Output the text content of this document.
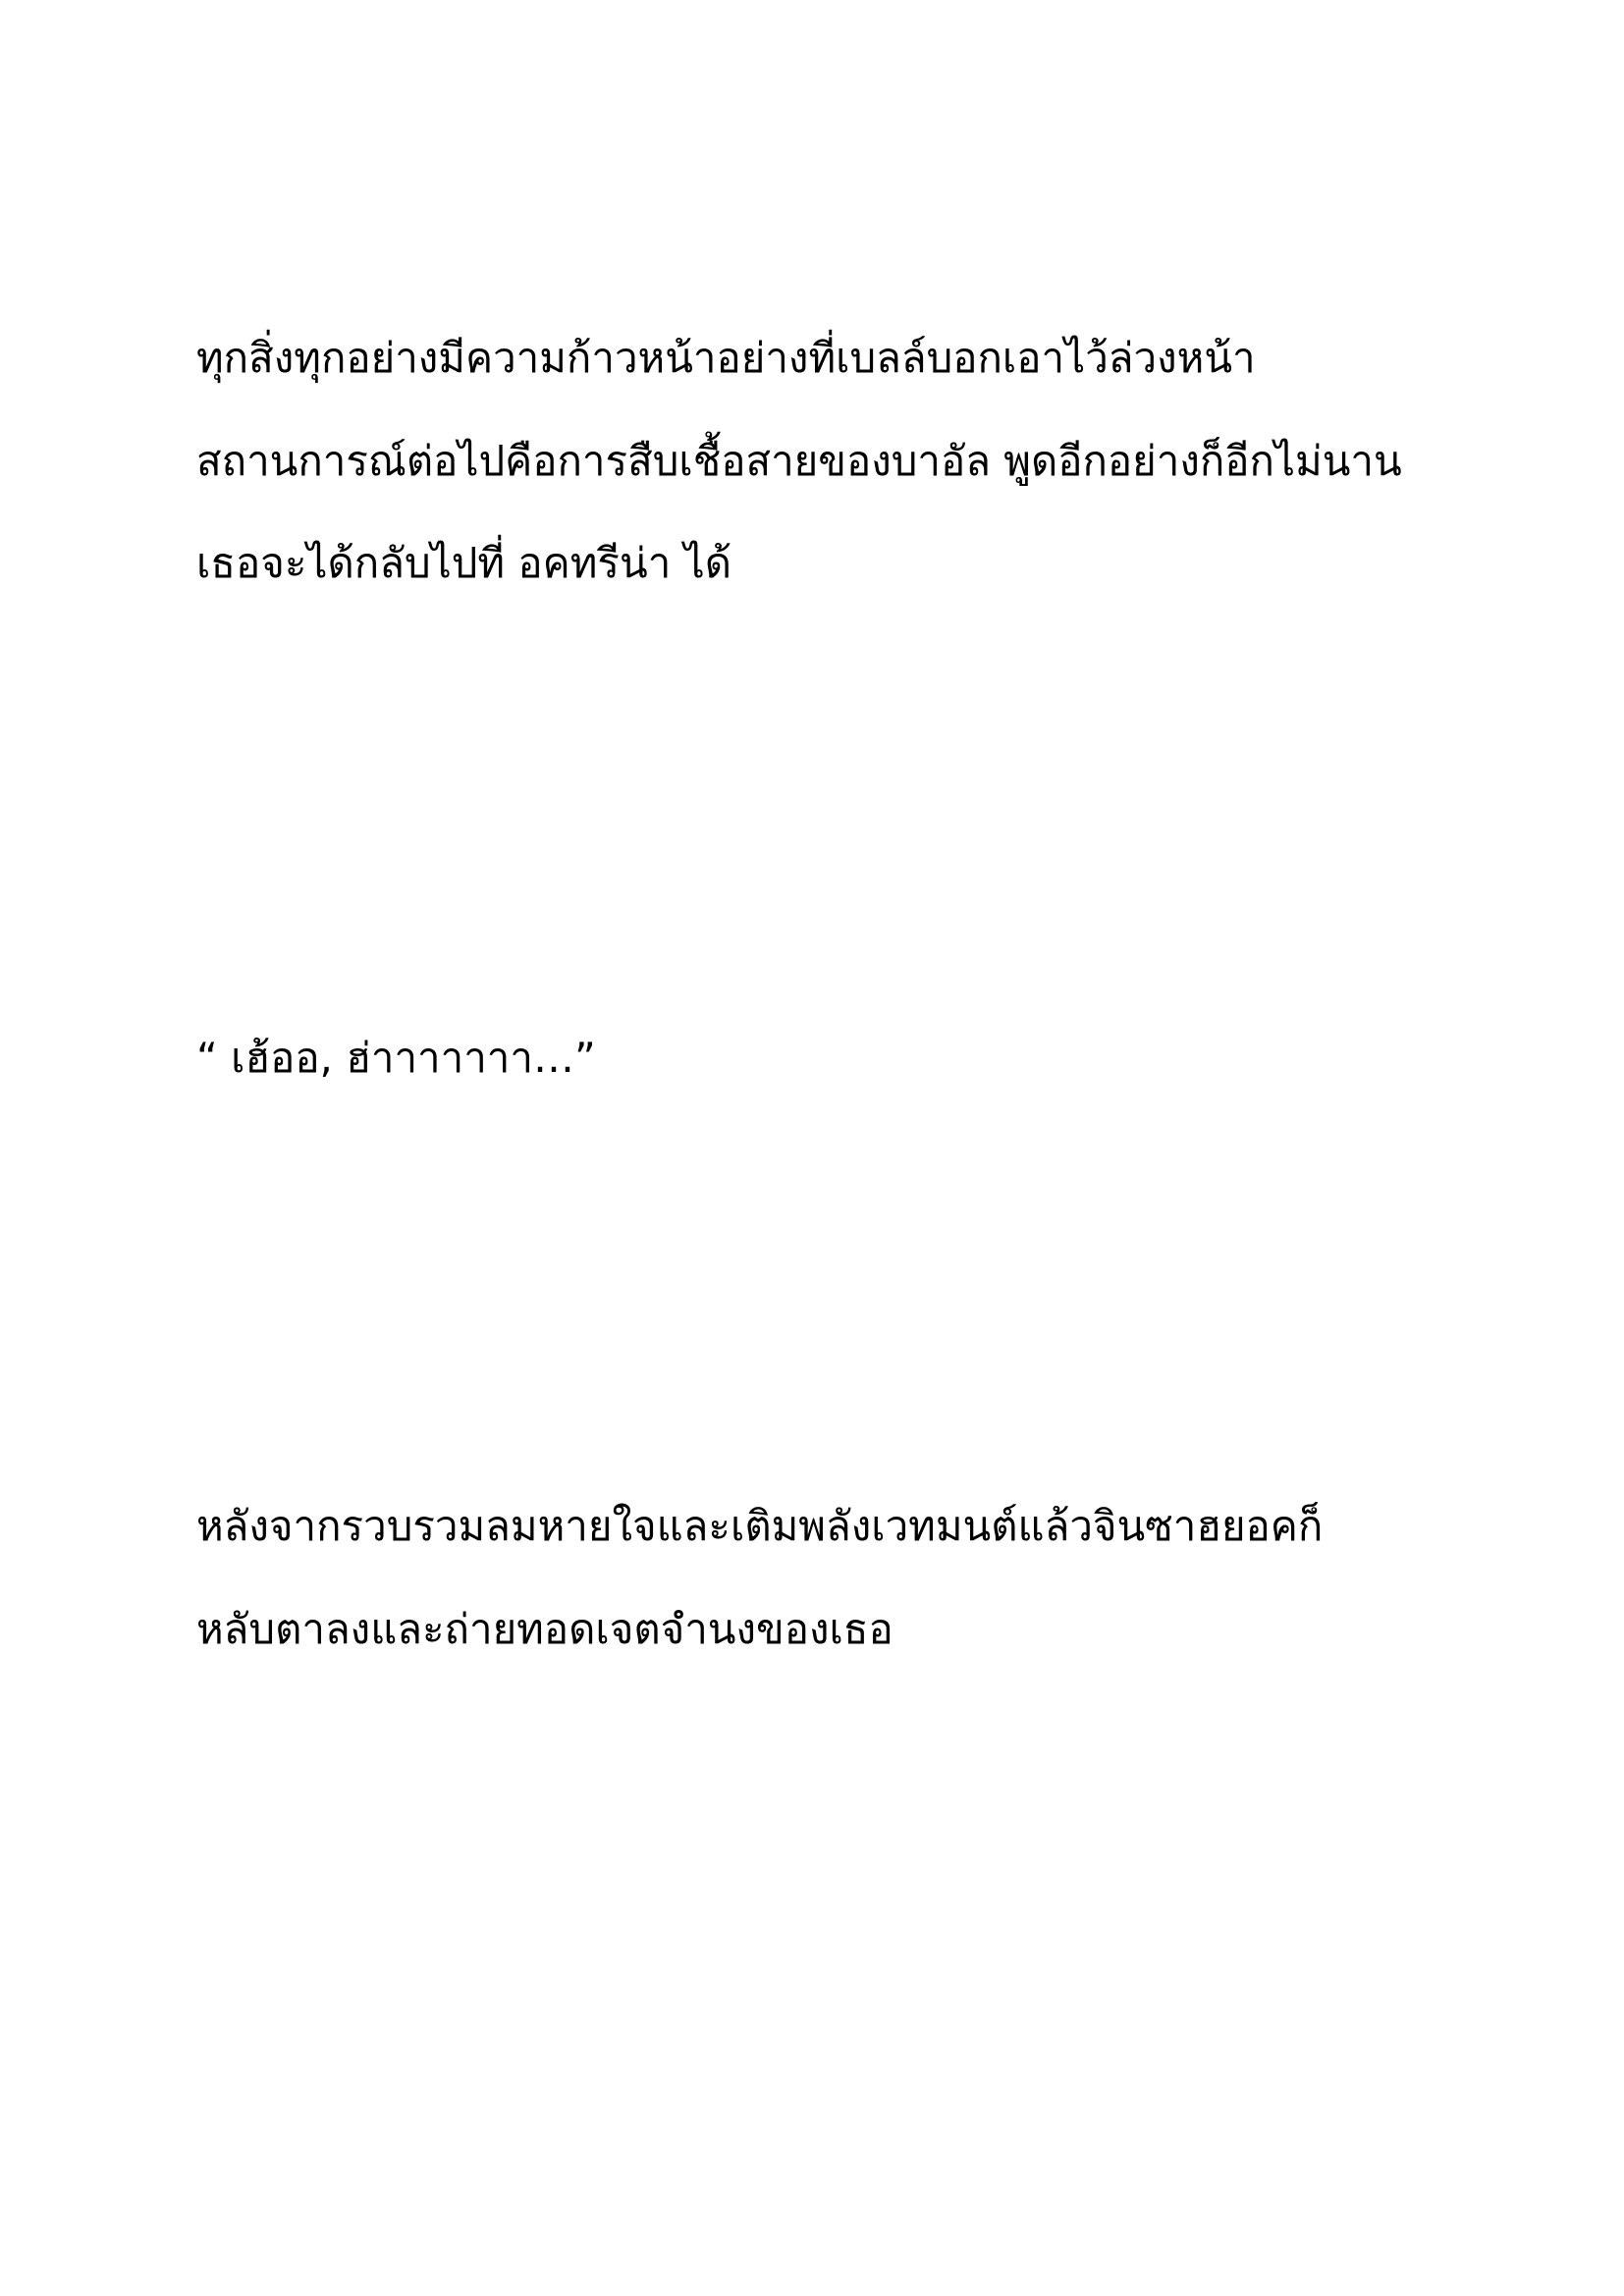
ทุกสิ่งทุกอย่างมีความก้าวหน้าอย่างที่เบลล์บอกเอาไว้ล่วงหน้า

สถานการณ์ต่อไปคือการสืบเชื้อสายของบาอัล พูดอีกอย่างก็อีกไม่นาน

เธอจะได้กลับไปที่ อคทรีน่า ได้

“ เฮ้ออ, ฮ่าาาาาาา…”

หลังจากรวบรวมลมหายใจและเติมพลังเวทมนต์แล้วจินซาฮยอคก็

หลับตาลงและถ่ายทอดเจตจำนงของเธอ
